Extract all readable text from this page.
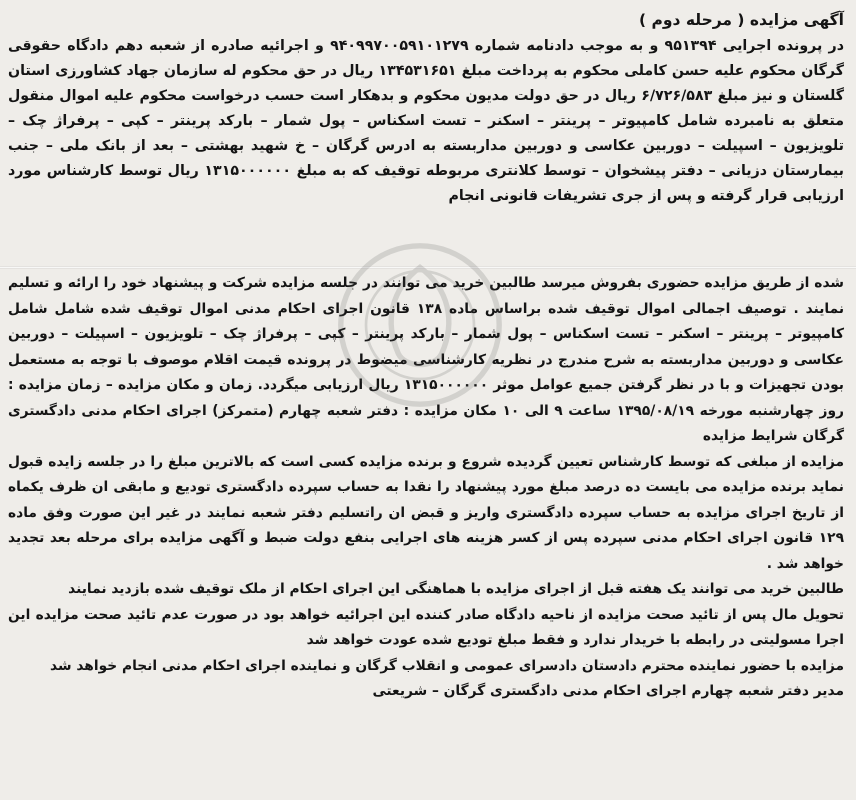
آگهی مزایده ( مرحله دوم )

در پرونده اجرایی ۹۵۱۳۹۴ و به موجب دادنامه شماره ۹۴۰۹۹۷۰۰۵۹۱۰۱۲۷۹ و اجرائیه صادره از شعبه دهم دادگاه حقوقی گرگان محکوم علیه حسن کاملی محکوم به پرداخت مبلغ ۱۳۴۵۳۱۶۵۱ ریال در حق محکوم له سازمان جهاد کشاورزی استان گلستان و نیز مبلغ ۶/۷۲۶/۵۸۳ ریال در حق دولت مدیون محکوم و بدهکار است حسب درخواست محکوم علیه اموال منقول متعلق به نامبرده شامل کامپیوتر – پرینتر – اسکنر – تست اسکناس – پول شمار – بارکد پرینتر – کپی – پرفراژ چک – تلویزیون – اسپیلت – دوربین عکاسی و دوربین مداربسته به ادرس گرگان – خ شهید بهشتی – بعد از بانک ملی – جنب بیمارستان دزیانی – دفتر پیشخوان – توسط کلانتری مربوطه توقیف که به مبلغ ۱۳۱۵۰۰۰۰۰۰ ریال توسط کارشناس مورد ارزیابی قرار گرفته و پس از جری تشریفات قانونی انجام

شده از طریق مزایده حضوری بفروش میرسد طالبین خرید می توانند در جلسه مزایده شرکت و پیشنهاد خود را ارائه و تسلیم نمایند . توصیف اجمالی اموال توقیف شده براساس ماده ۱۳۸ قانون اجرای احکام مدنی اموال توقیف شده شامل شامل کامپیوتر – پرینتر – اسکنر – تست اسکناس – پول شمار – بارکد پرینتر – کپی – پرفراژ چک – تلویزیون – اسپیلت – دوربین عکاسی و دوربین مداربسته به شرح مندرج در نظریه کارشناسی میضوط در پرونده قیمت اقلام موصوف با توجه به مستعمل بودن تجهیزات و با در نظر گرفتن جمیع عوامل موثر ۱۳۱۵۰۰۰۰۰۰ ریال ارزیابی میگردد. زمان و مکان مزایده – زمان مزایده : روز چهارشنبه مورخه ۱۳۹۵/۰۸/۱۹ ساعت ۹ الی ۱۰ مکان مزایده : دفتر شعبه چهارم (متمرکز) اجرای احکام مدنی دادگستری گرگان شرایط مزایده

مزایده از مبلغی که توسط کارشناس تعیین گردیده شروع و برنده مزایده کسی است که بالاترین مبلغ را در جلسه زایده قبول نماید برنده مزایده می بایست ده درصد مبلغ مورد پیشنهاد را نقدا به حساب سپرده دادگستری تودیع و مابقی ان ظرف یکماه از تاریخ اجرای مزایده به حساب سپرده دادگستری واریز و قبض ان راتسلیم دفتر شعبه نمایند در غیر این صورت وفق ماده ۱۲۹ قانون اجرای احکام مدنی سپرده پس از کسر هزینه های اجرایی بنفع دولت ضبط و آگهی مزایده برای مرحله بعد تجدید خواهد شد .

طالبین خرید می توانند یک هفته قبل از اجرای مزایده با هماهنگی این اجرای احکام از ملک توقیف شده بازدید نمایند

تحویل مال پس از تائید صحت مزایده از ناحیه دادگاه صادر کننده این اجرائیه خواهد بود در صورت عدم تائید صحت مزایده این اجرا مسولیتی در رابطه با خریدار ندارد و فقط مبلغ تودیع شده عودت خواهد شد

مزایده با حضور نماینده محترم دادستان دادسرای عمومی و انقلاب گرگان و نماینده اجرای احکام مدنی انجام خواهد شد

مدیر دفتر شعبه چهارم اجرای احکام مدنی دادگستری گرگان – شریعتی
